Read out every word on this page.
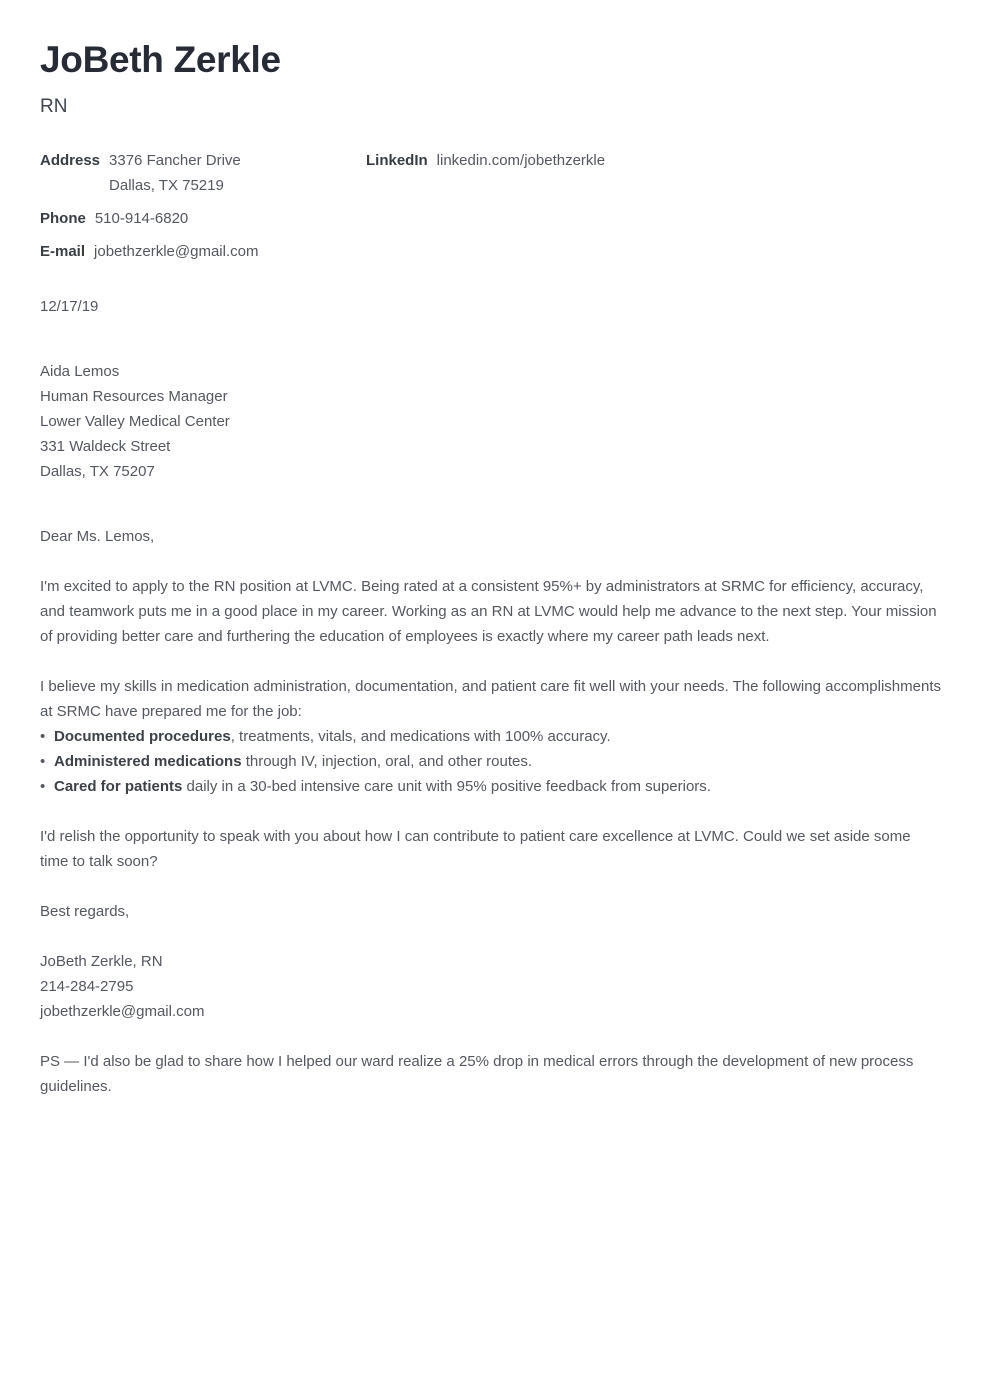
JoBeth Zerkle
RN
Address 3376 Fancher Drive
Dallas, TX 75219
Phone 510-914-6820
E-mail jobethzerkle@gmail.com
LinkedIn linkedin.com/jobethzerkle
12/17/19
Aida Lemos
Human Resources Manager
Lower Valley Medical Center
331 Waldeck Street
Dallas, TX 75207
Dear Ms. Lemos,

I'm excited to apply to the RN position at LVMC. Being rated at a consistent 95%+ by administrators at SRMC for efficiency, accuracy, and teamwork puts me in a good place in my career. Working as an RN at LVMC would help me advance to the next step. Your mission of providing better care and furthering the education of employees is exactly where my career path leads next.

I believe my skills in medication administration, documentation, and patient care fit well with your needs. The following accomplishments at SRMC have prepared me for the job:

• Documented procedures, treatments, vitals, and medications with 100% accuracy.
• Administered medications through IV, injection, oral, and other routes.
• Cared for patients daily in a 30-bed intensive care unit with 95% positive feedback from superiors.

I'd relish the opportunity to speak with you about how I can contribute to patient care excellence at LVMC. Could we set aside some time to talk soon?

Best regards,
JoBeth Zerkle, RN
214-284-2795
jobethzerkle@gmail.com

PS — I'd also be glad to share how I helped our ward realize a 25% drop in medical errors through the development of new process guidelines.
